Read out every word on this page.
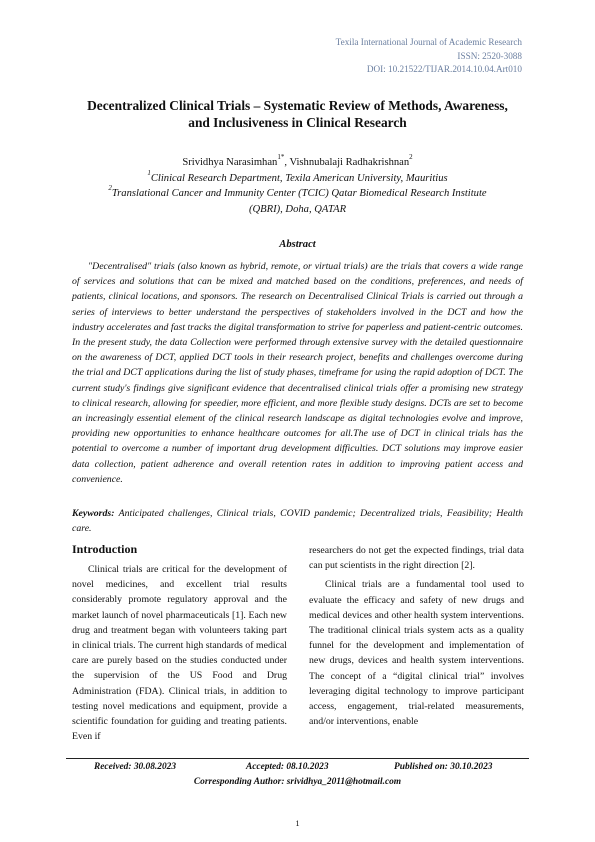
Texila International Journal of Academic Research
ISSN: 2520-3088
DOI: 10.21522/TIJAR.2014.10.04.Art010
Decentralized Clinical Trials – Systematic Review of Methods, Awareness,
and Inclusiveness in Clinical Research
Srividhya Narasimhan$^{1*}$, Vishnubalaji Radhakrishnan$^2$
$^1$Clinical Research Department, Texila American University, Mauritius
$^2$Translational Cancer and Immunity Center (TCIC) Qatar Biomedical Research Institute
(QBRI), Doha, QATAR
Abstract

"Decentralised" trials (also known as hybrid, remote, or virtual trials) are the trials that covers a wide range of services and solutions that can be mixed and matched based on the conditions, preferences, and needs of patients, clinical locations, and sponsors. The research on Decentralised Clinical Trials is carried out through a series of interviews to better understand the perspectives of stakeholders involved in the DCT and how the industry accelerates and fast tracks the digital transformation to strive for paperless and patient-centric outcomes. In the present study, the data Collection were performed through extensive survey with the detailed questionnaire on the awareness of DCT, applied DCT tools in their research project, benefits and challenges overcome during the trial and DCT applications during the list of study phases, timeframe for using the rapid adoption of DCT. The current study's findings give significant evidence that decentralised clinical trials offer a promising new strategy to clinical research, allowing for speedier, more efficient, and more flexible study designs. DCTs are set to become an increasingly essential element of the clinical research landscape as digital technologies evolve and improve, providing new opportunities to enhance healthcare outcomes for all.The use of DCT in clinical trials has the potential to overcome a number of important drug development difficulties. DCT solutions may improve easier data collection, patient adherence and overall retention rates in addition to improving patient access and convenience.

Keywords: Anticipated challenges, Clinical trials, COVID pandemic; Decentralized trials, Feasibility; Health care.

Introduction

Clinical trials are critical for the development of novel medicines, and excellent trial results considerably promote regulatory approval and the market launch of novel pharmaceuticals [1]. Each new drug and treatment began with volunteers taking part in clinical trials. The current high standards of medical care are purely based on the studies conducted under the supervision of the US Food and Drug Administration (FDA). Clinical trials, in addition to testing novel medications and equipment, provide a scientific foundation for guiding and treating patients. Even if

researchers do not get the expected findings, trial data can put scientists in the right direction [2].

Clinical trials are a fundamental tool used to evaluate the efficacy and safety of new drugs and medical devices and other health system interventions. The traditional clinical trials system acts as a quality funnel for the development and implementation of new drugs, devices and health system interventions. The concept of a “digital clinical trial” involves leveraging digital technology to improve participant access, engagement, trial-related measurements, and/or interventions, enable

Received: 30.08.2023	Accepted: 08.10.2023	Published on: 30.10.2023
Corresponding Author: srividhya_2011@hotmail.com
1
